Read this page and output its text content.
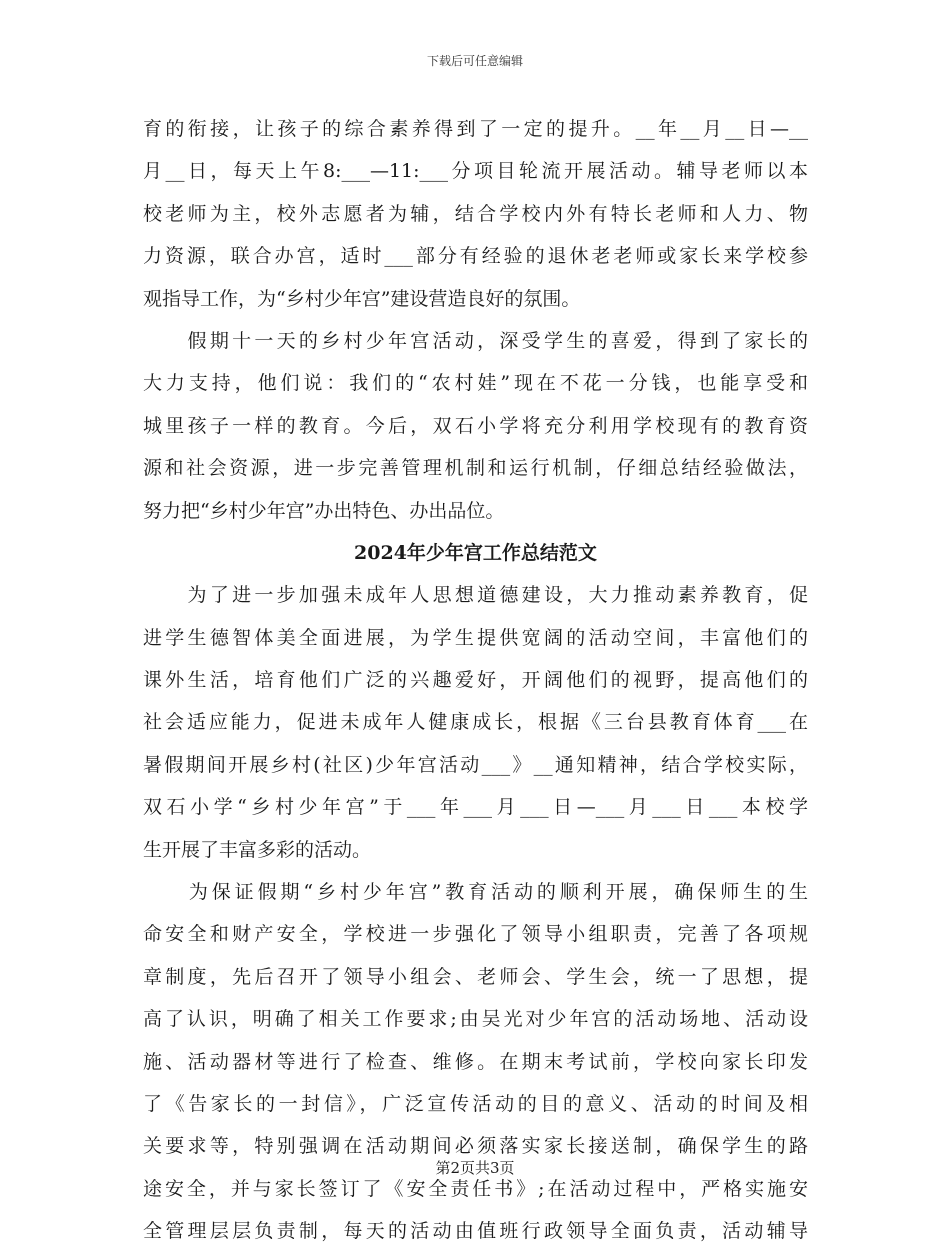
下载后可任意编辑
育的衔接，让孩子的综合素养得到了一定的提升。__年__月__日—__
月__日，每天上午8:___—11:___分项目轮流开展活动。辅导老师以本
校老师为主，校外志愿者为辅，结合学校内外有特长老师和人力、物
力资源，联合办宫，适时___部分有经验的退休老老师或家长来学校参
观指导工作，为“乡村少年宫”建设营造良好的氛围。
　　假期十一天的乡村少年宫活动，深受学生的喜爱，得到了家长的
大力支持，他们说：我们的“农村娃”现在不花一分钱，也能享受和
城里孩子一样的教育。今后，双石小学将充分利用学校现有的教育资
源和社会资源，进一步完善管理机制和运行机制，仔细总结经验做法，
努力把“乡村少年宫”办出特色、办出品位。
2024年少年宫工作总结范文
　　为了进一步加强未成年人思想道德建设，大力推动素养教育，促
进学生德智体美全面进展，为学生提供宽阔的活动空间，丰富他们的
课外生活，培育他们广泛的兴趣爱好，开阔他们的视野，提高他们的
社会适应能力，促进未成年人健康成长，根据《三台县教育体育___在
暑假期间开展乡村(社区)少年宫活动___》__通知精神，结合学校实际，
双石小学“乡村少年宫”于___年___月___日—___月___日___本校学
生开展了丰富多彩的活动。
　　为保证假期“乡村少年宫”教育活动的顺利开展，确保师生的生
命安全和财产安全，学校进一步强化了领导小组职责，完善了各项规
章制度，先后召开了领导小组会、老师会、学生会，统一了思想，提
高了认识，明确了相关工作要求;由吴光对少年宫的活动场地、活动设
施、活动器材等进行了检查、维修。在期末考试前，学校向家长印发
了《告家长的一封信》，广泛宣传活动的目的意义、活动的时间及相
关要求等，特别强调在活动期间必须落实家长接送制，确保学生的路
途安全，并与家长签订了《安全责任书》;在活动过程中，严格实施安
全管理层层负责制，每天的活动由值班行政领导全面负责，活动辅导
第2页共3页
